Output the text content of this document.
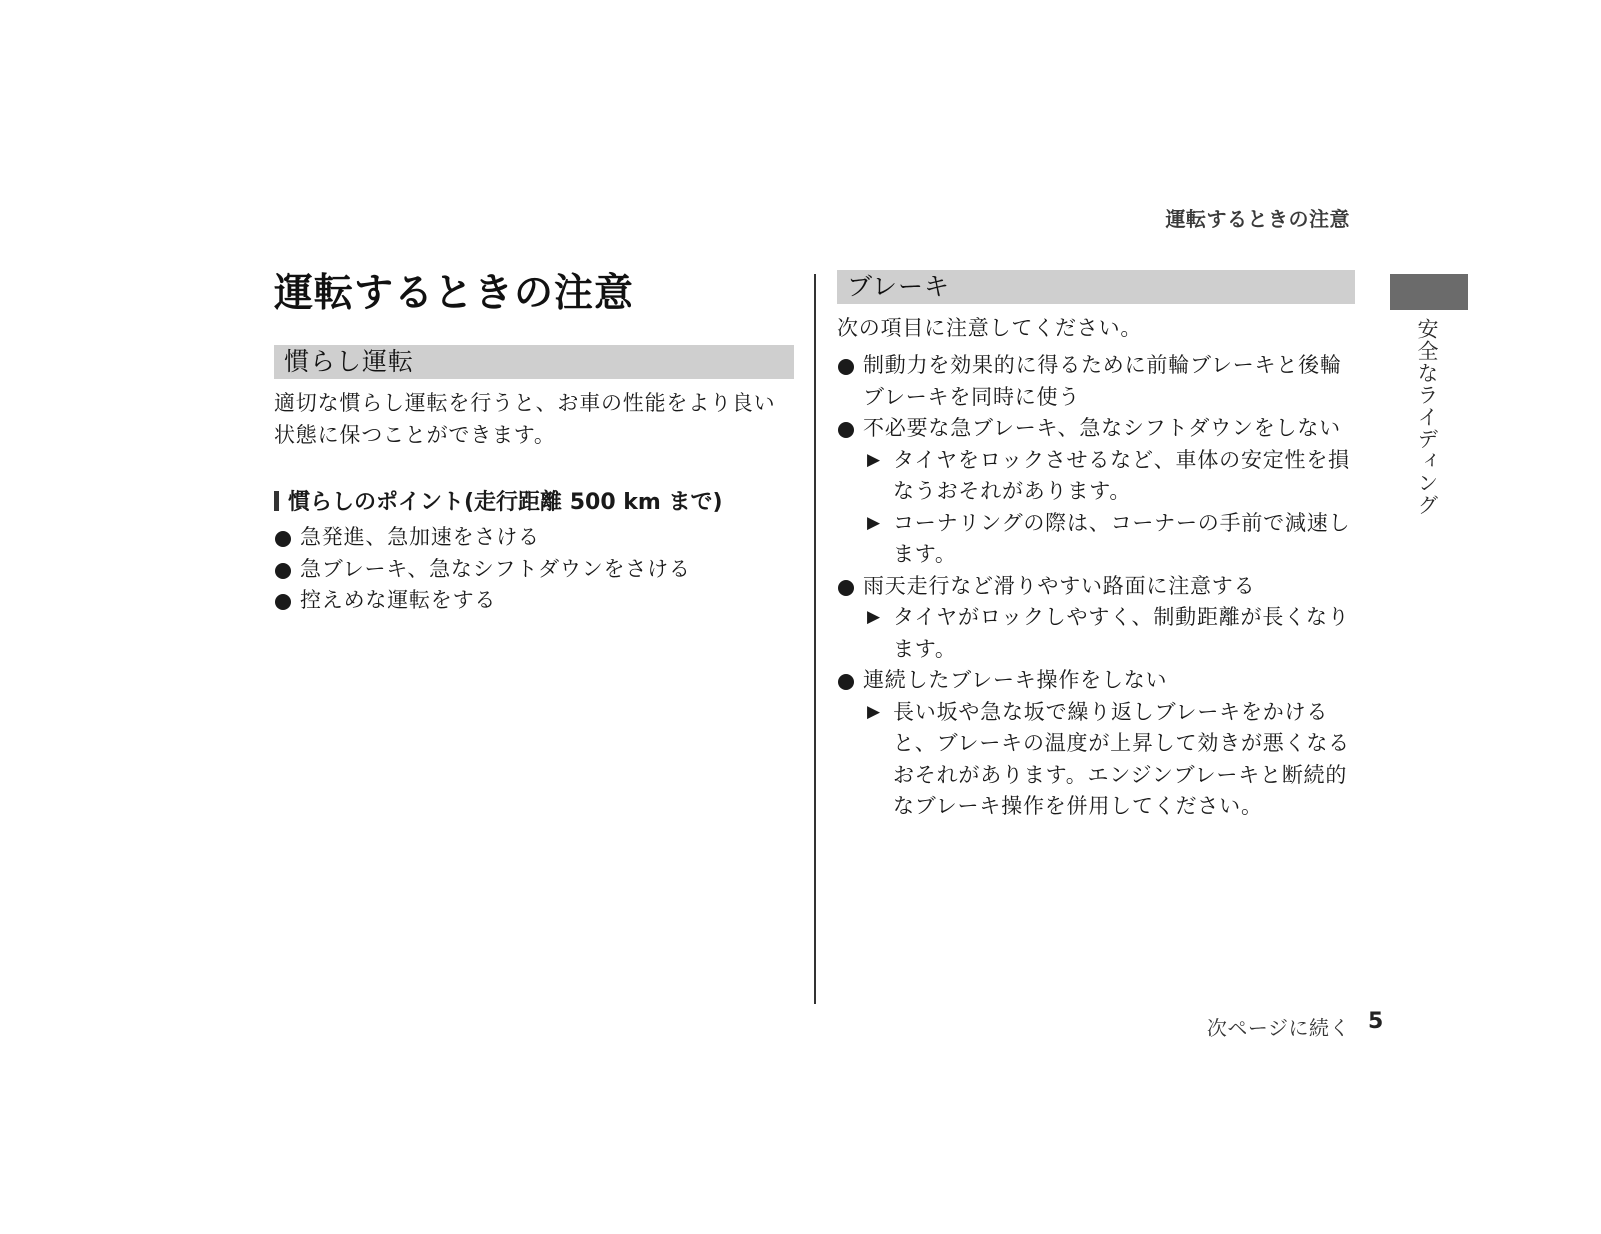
運転するときの注意
安全なライディング
運転するときの注意
慣らし運転

適切な慣らし運転を行うと、お車の性能をより良い状態に保つことができます。

慣らしのポイント(走行距離 500 km まで)
急発進、急加速をさける
急ブレーキ、急なシフトダウンをさける
控えめな運転をする
ブレーキ

次の項目に注意してください。

制動力を効果的に得るために前輪ブレーキと後輪ブレーキを同時に使う
不必要な急ブレーキ、急なシフトダウンをしない
▶ タイヤをロックさせるなど、車体の安定性を損なうおそれがあります。
▶ コーナリングの際は、コーナーの手前で減速します。
雨天走行など滑りやすい路面に注意する
▶ タイヤがロックしやすく、制動距離が長くなります。
連続したブレーキ操作をしない
▶ 長い坂や急な坂で繰り返しブレーキをかけると、ブレーキの温度が上昇して効きが悪くなるおそれがあります。エンジンブレーキと断続的なブレーキ操作を併用してください。
次ページに続く 5
